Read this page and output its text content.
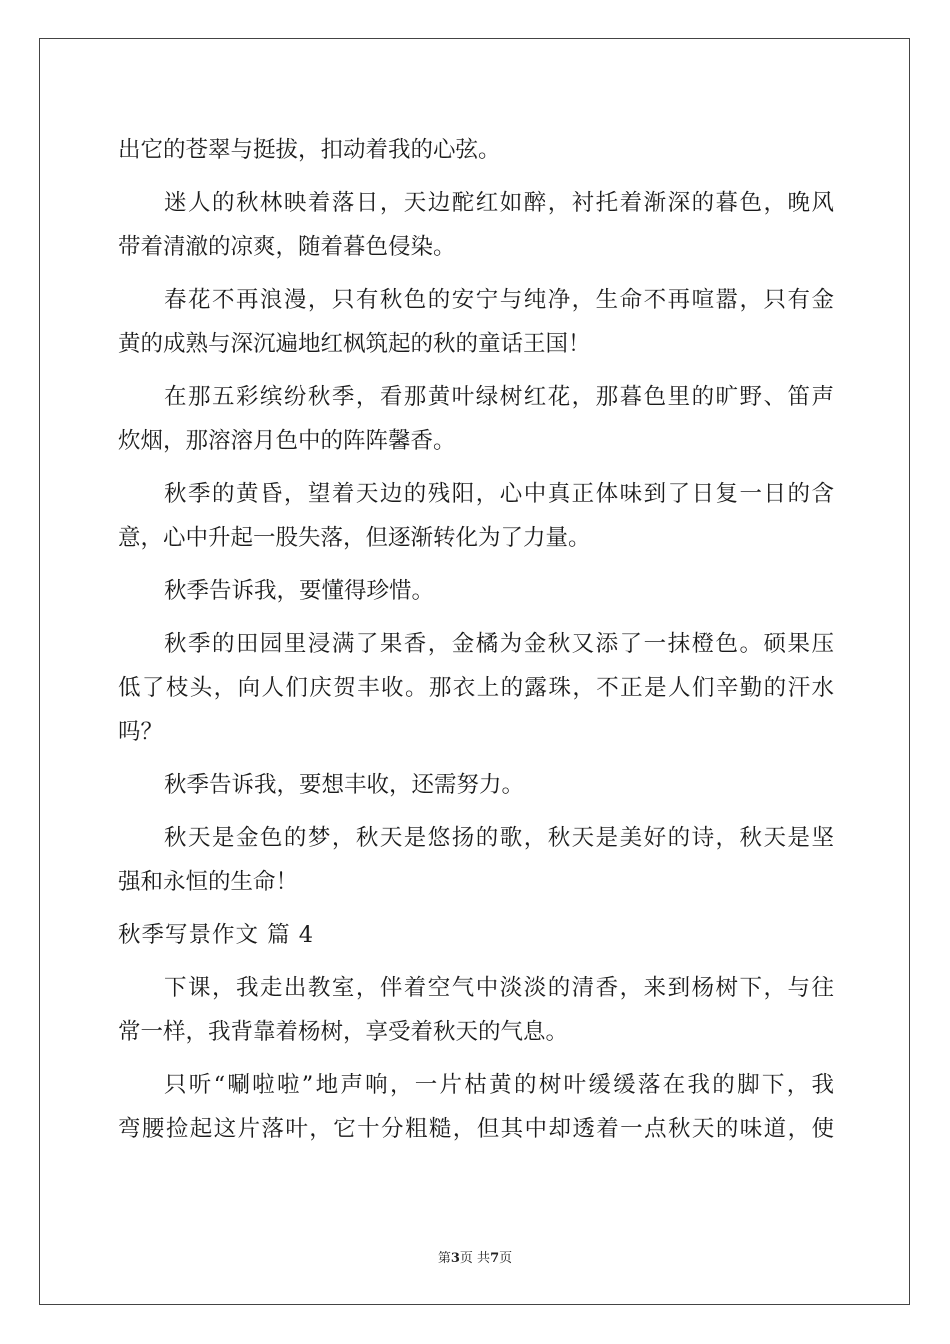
出它的苍翠与挺拔，扣动着我的心弦。
迷人的秋林映着落日，天边酡红如醉，衬托着渐深的暮色，晚风
带着清澈的凉爽，随着暮色侵染。
春花不再浪漫，只有秋色的安宁与纯净，生命不再喧嚣，只有金
黄的成熟与深沉遍地红枫筑起的秋的童话王国！
在那五彩缤纷秋季，看那黄叶绿树红花，那暮色里的旷野、笛声
炊烟，那溶溶月色中的阵阵馨香。
秋季的黄昏，望着天边的残阳，心中真正体味到了日复一日的含
意，心中升起一股失落，但逐渐转化为了力量。
秋季告诉我，要懂得珍惜。
秋季的田园里浸满了果香，金橘为金秋又添了一抹橙色。硕果压
低了枝头，向人们庆贺丰收。那衣上的露珠，不正是人们辛勤的汗水
吗？
秋季告诉我，要想丰收，还需努力。
秋天是金色的梦，秋天是悠扬的歌，秋天是美好的诗，秋天是坚
强和永恒的生命！
秋季写景作文 篇 4
下课，我走出教室，伴着空气中淡淡的清香，来到杨树下，与往
常一样，我背靠着杨树，享受着秋天的气息。
只听“唰啦啦”地声响，一片枯黄的树叶缓缓落在我的脚下，我
弯腰捡起这片落叶，它十分粗糙，但其中却透着一点秋天的味道，使
第3页 共7页
